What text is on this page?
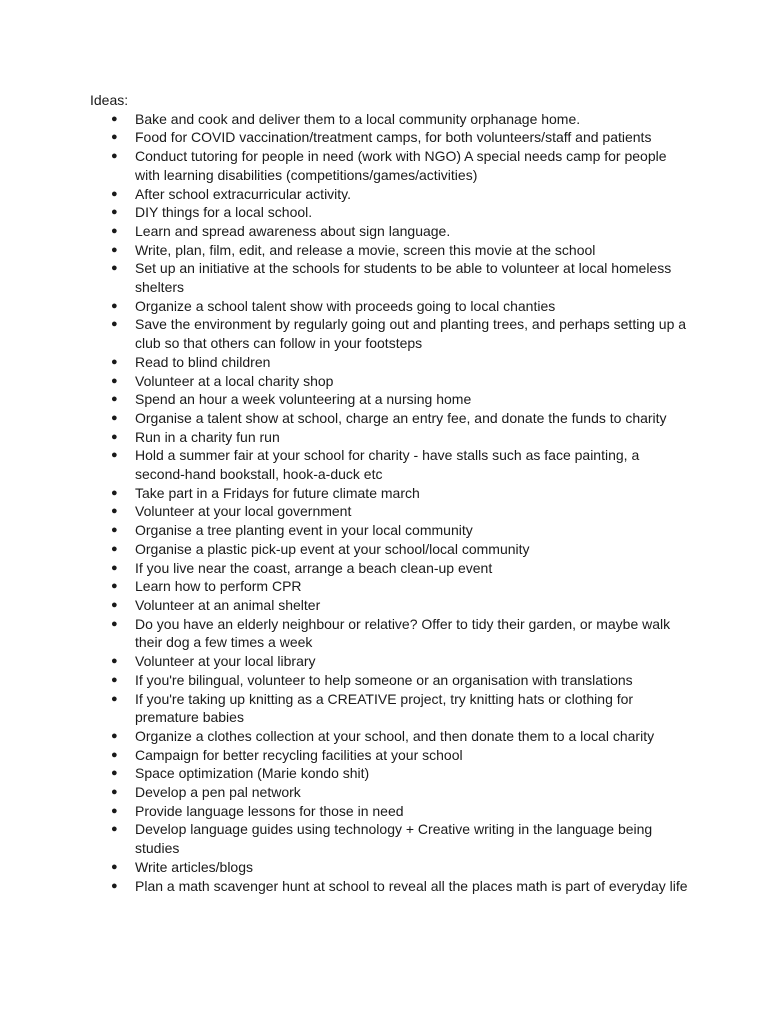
Ideas:

● Bake and cook and deliver them to a local community orphanage home.
● Food for COVID vaccination/treatment camps, for both volunteers/staff and patients
● Conduct tutoring for people in need (work with NGO) A special needs camp for people with learning disabilities (competitions/games/activities)
● After school extracurricular activity.
● DIY things for a local school.
● Learn and spread awareness about sign language.
● Write, plan, film, edit, and release a movie, screen this movie at the school
● Set up an initiative at the schools for students to be able to volunteer at local homeless shelters
● Organize a school talent show with proceeds going to local chanties
● Save the environment by regularly going out and planting trees, and perhaps setting up a club so that others can follow in your footsteps
● Read to blind children
● Volunteer at a local charity shop
● Spend an hour a week volunteering at a nursing home
● Organise a talent show at school, charge an entry fee, and donate the funds to charity
● Run in a charity fun run
● Hold a summer fair at your school for charity - have stalls such as face painting, a second-hand bookstall, hook-a-duck etc
● Take part in a Fridays for future climate march
● Volunteer at your local government
● Organise a tree planting event in your local community
● Organise a plastic pick-up event at your school/local community
● If you live near the coast, arrange a beach clean-up event
● Learn how to perform CPR
● Volunteer at an animal shelter
● Do you have an elderly neighbour or relative? Offer to tidy their garden, or maybe walk their dog a few times a week
● Volunteer at your local library
● If you're bilingual, volunteer to help someone or an organisation with translations
● If you're taking up knitting as a CREATIVE project, try knitting hats or clothing for premature babies
● Organize a clothes collection at your school, and then donate them to a local charity
● Campaign for better recycling facilities at your school
● Space optimization (Marie kondo shit)
● Develop a pen pal network
● Provide language lessons for those in need
● Develop language guides using technology + Creative writing in the language being studies
● Write articles/blogs
● Plan a math scavenger hunt at school to reveal all the places math is part of everyday life
